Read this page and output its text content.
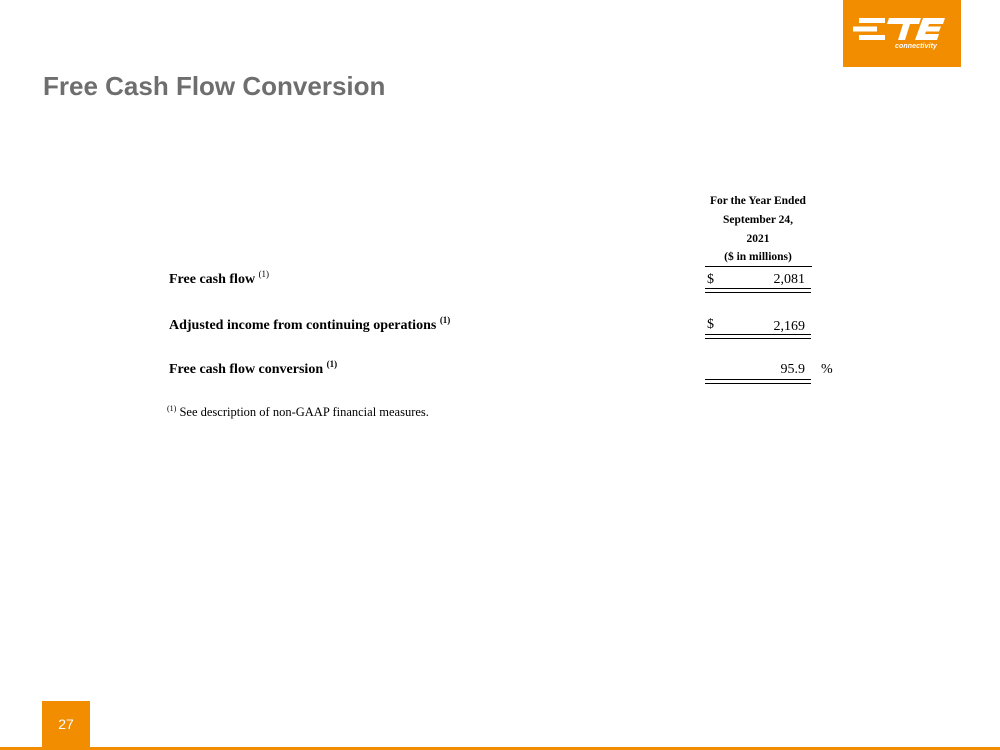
TE
connectivity
Free Cash Flow Conversion
For the Year Ended
September 24,
2021
($ in millions)
Free cash flow $^{(1)}$	$	2,081
Adjusted income from continuing operations $^{(1)}$	$	2,169
Free cash flow conversion $^{(1)}$	95.9 %
$^{(1)}$ See description of non-GAAP financial measures.
27
